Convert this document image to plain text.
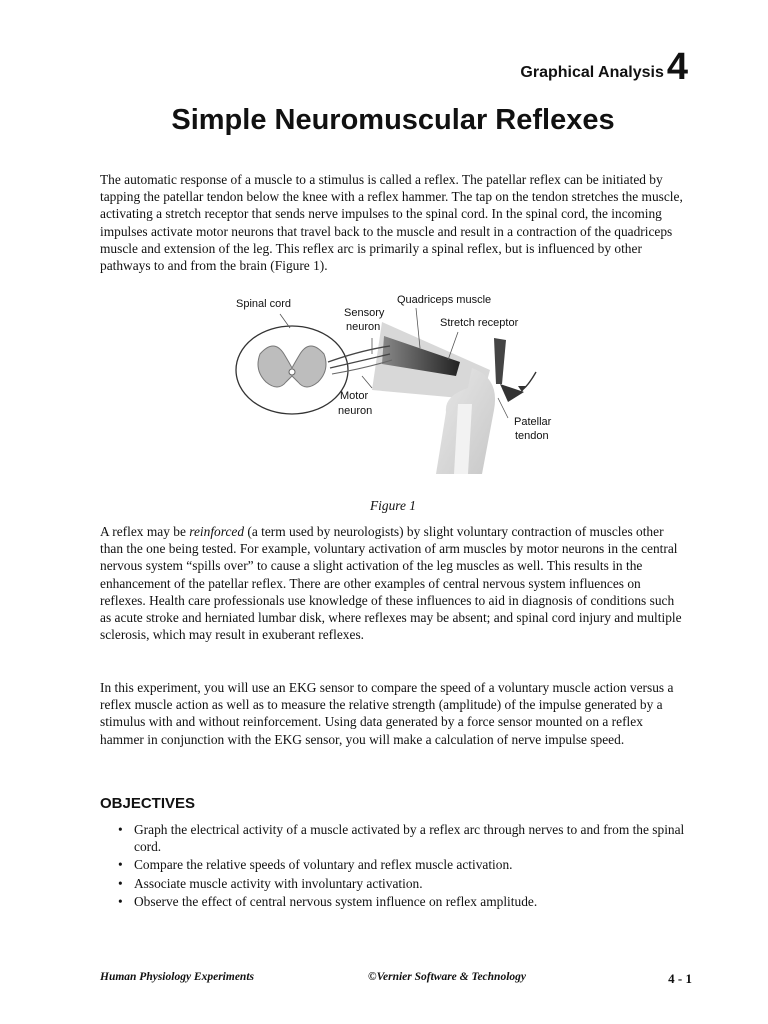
Graphical Analysis 4
Simple Neuromuscular Reflexes

The automatic response of a muscle to a stimulus is called a reflex. The patellar reflex can be initiated by tapping the patellar tendon below the knee with a reflex hammer. The tap on the tendon stretches the muscle, activating a stretch receptor that sends nerve impulses to the spinal cord. In the spinal cord, the incoming impulses activate motor neurons that travel back to the muscle and result in a contraction of the quadriceps muscle and extension of the leg. This reflex arc is primarily a spinal reflex, but is influenced by other pathways to and from the brain (Figure 1).

Spinal cord
Sensory
neuron
Quadriceps muscle
Stretch receptor
Motor
neuron
Patellar
tendon
Figure 1

A reflex may be reinforced (a term used by neurologists) by slight voluntary contraction of muscles other than the one being tested. For example, voluntary activation of arm muscles by motor neurons in the central nervous system “spills over” to cause a slight activation of the leg muscles as well. This results in the enhancement of the patellar reflex. There are other examples of central nervous system influences on reflexes. Health care professionals use knowledge of these influences to aid in diagnosis of conditions such as acute stroke and herniated lumbar disk, where reflexes may be absent; and spinal cord injury and multiple sclerosis, which may result in exuberant reflexes.

In this experiment, you will use an EKG sensor to compare the speed of a voluntary muscle action versus a reflex muscle action as well as to measure the relative strength (amplitude) of the impulse generated by a stimulus with and without reinforcement. Using data generated by a force sensor mounted on a reflex hammer in conjunction with the EKG sensor, you will make a calculation of nerve impulse speed.

OBJECTIVES
• Graph the electrical activity of a muscle activated by a reflex arc through nerves to and from the spinal cord.
• Compare the relative speeds of voluntary and reflex muscle activation.
• Associate muscle activity with involuntary activation.
• Observe the effect of central nervous system influence on reflex amplitude.
Human Physiology Experiments	©Vernier Software & Technology	4 - 1
